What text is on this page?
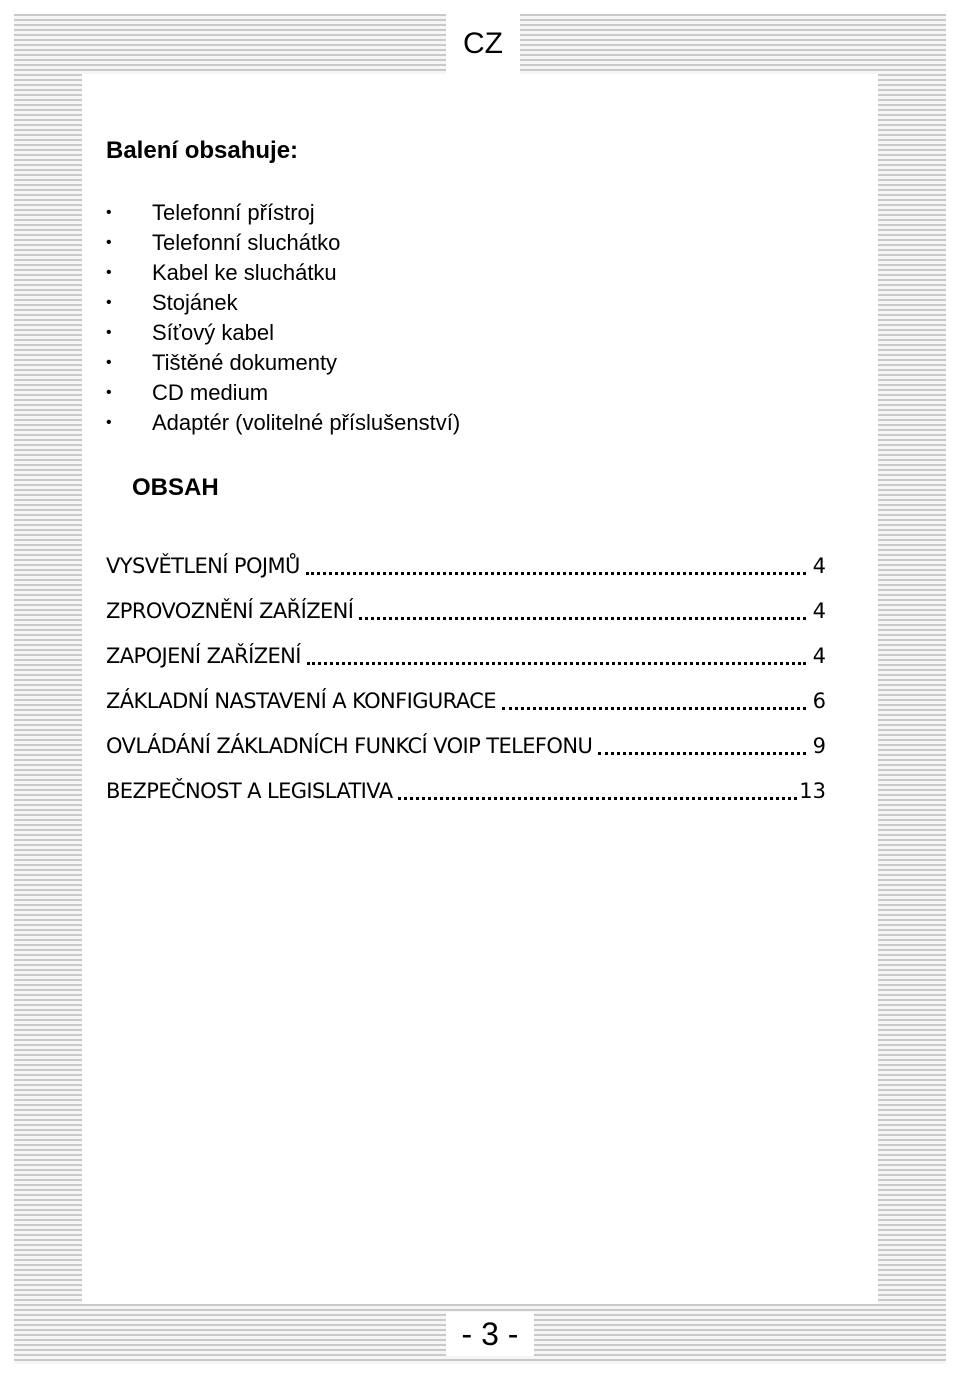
CZ
Balení obsahuje:
• Telefonní přístroj
• Telefonní sluchátko
• Kabel ke sluchátku
• Stojánek
• Síťový kabel
• Tištěné dokumenty
• CD medium
• Adaptér (volitelné příslušenství)
OBSAH
VYSVĚTLENÍ POJMŮ	4
ZPROVOZNĚNÍ ZAŘÍZENÍ	4
ZAPOJENÍ ZAŘÍZENÍ	4
ZÁKLADNÍ NASTAVENÍ A KONFIGURACE	6
OVLÁDÁNÍ ZÁKLADNÍCH FUNKCÍ VOIP TELEFONU	9
BEZPEČNOST A LEGISLATIVA	13
- 3 -
